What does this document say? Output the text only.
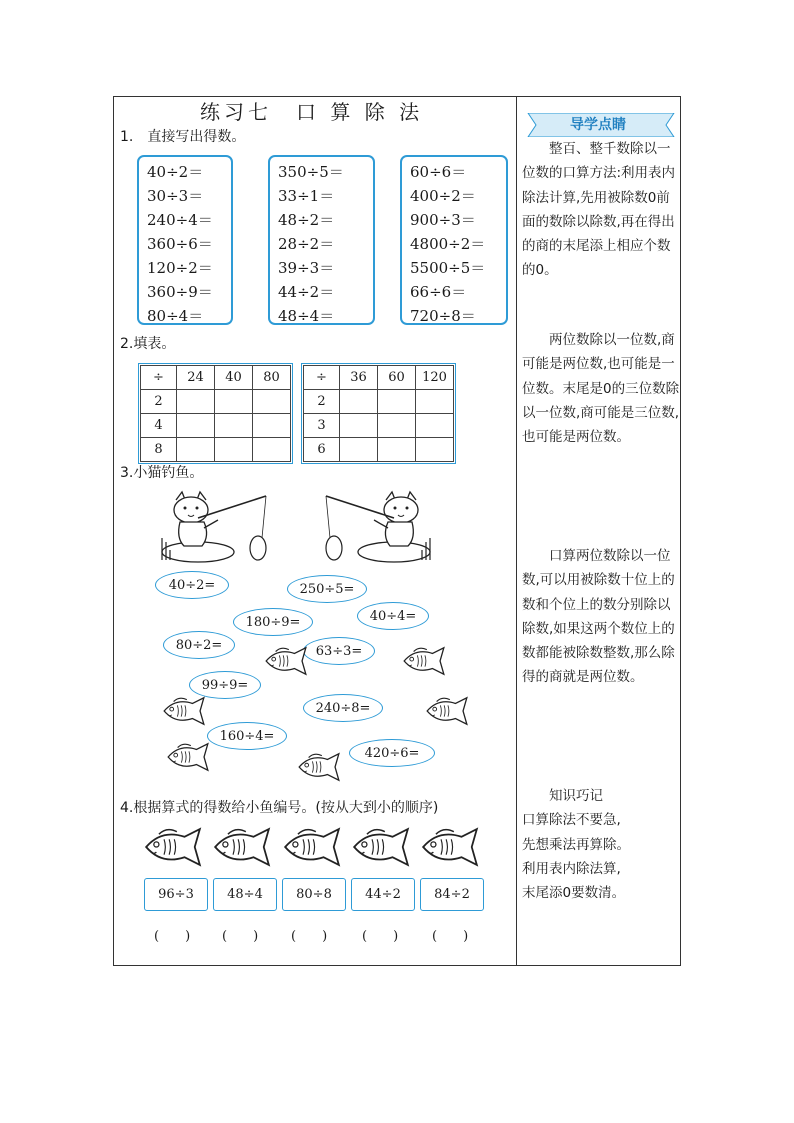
练习七　口 算 除 法
1.　直接写出得数。
40÷2＝
30÷3＝
240÷4＝
360÷6＝
120÷2＝
360÷9＝
80÷4＝
350÷5＝
33÷1＝
48÷2＝
28÷2＝
39÷3＝
44÷2＝
48÷4＝
60÷6＝
400÷2＝
900÷3＝
4800÷2＝
5500÷5＝
66÷6＝
720÷8＝
2.填表。
÷	24	40	80
2			
4			
8			
÷	36	60	120
2			
3			
6			
3.小猫钓鱼。
40÷2=	250÷5=
180÷9=	40÷4=
80÷2=	63÷3=
99÷9=
240÷8=
160÷4=
420÷6=
4.根据算式的得数给小鱼编号。(按从大到小的顺序)
96÷3	48÷4	80÷8	44÷2	84÷2
(　　) (　　)	(　　)	(　　)	(　　)
导学点睛
　　整百、整千数除以一位数的口算方法:利用表内除法计算,先用被除数0前面的数除以除数,再在得出的商的末尾添上相应个数的0。
　　两位数除以一位数,商可能是两位数,也可能是一位数。末尾是0的三位数除以一位数,商可能是三位数,也可能是两位数。
　　口算两位数除以一位数,可以用被除数十位上的数和个位上的数分别除以除数,如果这两个数位上的数都能被除数整数,那么除得的商就是两位数。

　　知识巧记

口算除法不要急,

先想乘法再算除。

利用表内除法算,

末尾添0要数清。
